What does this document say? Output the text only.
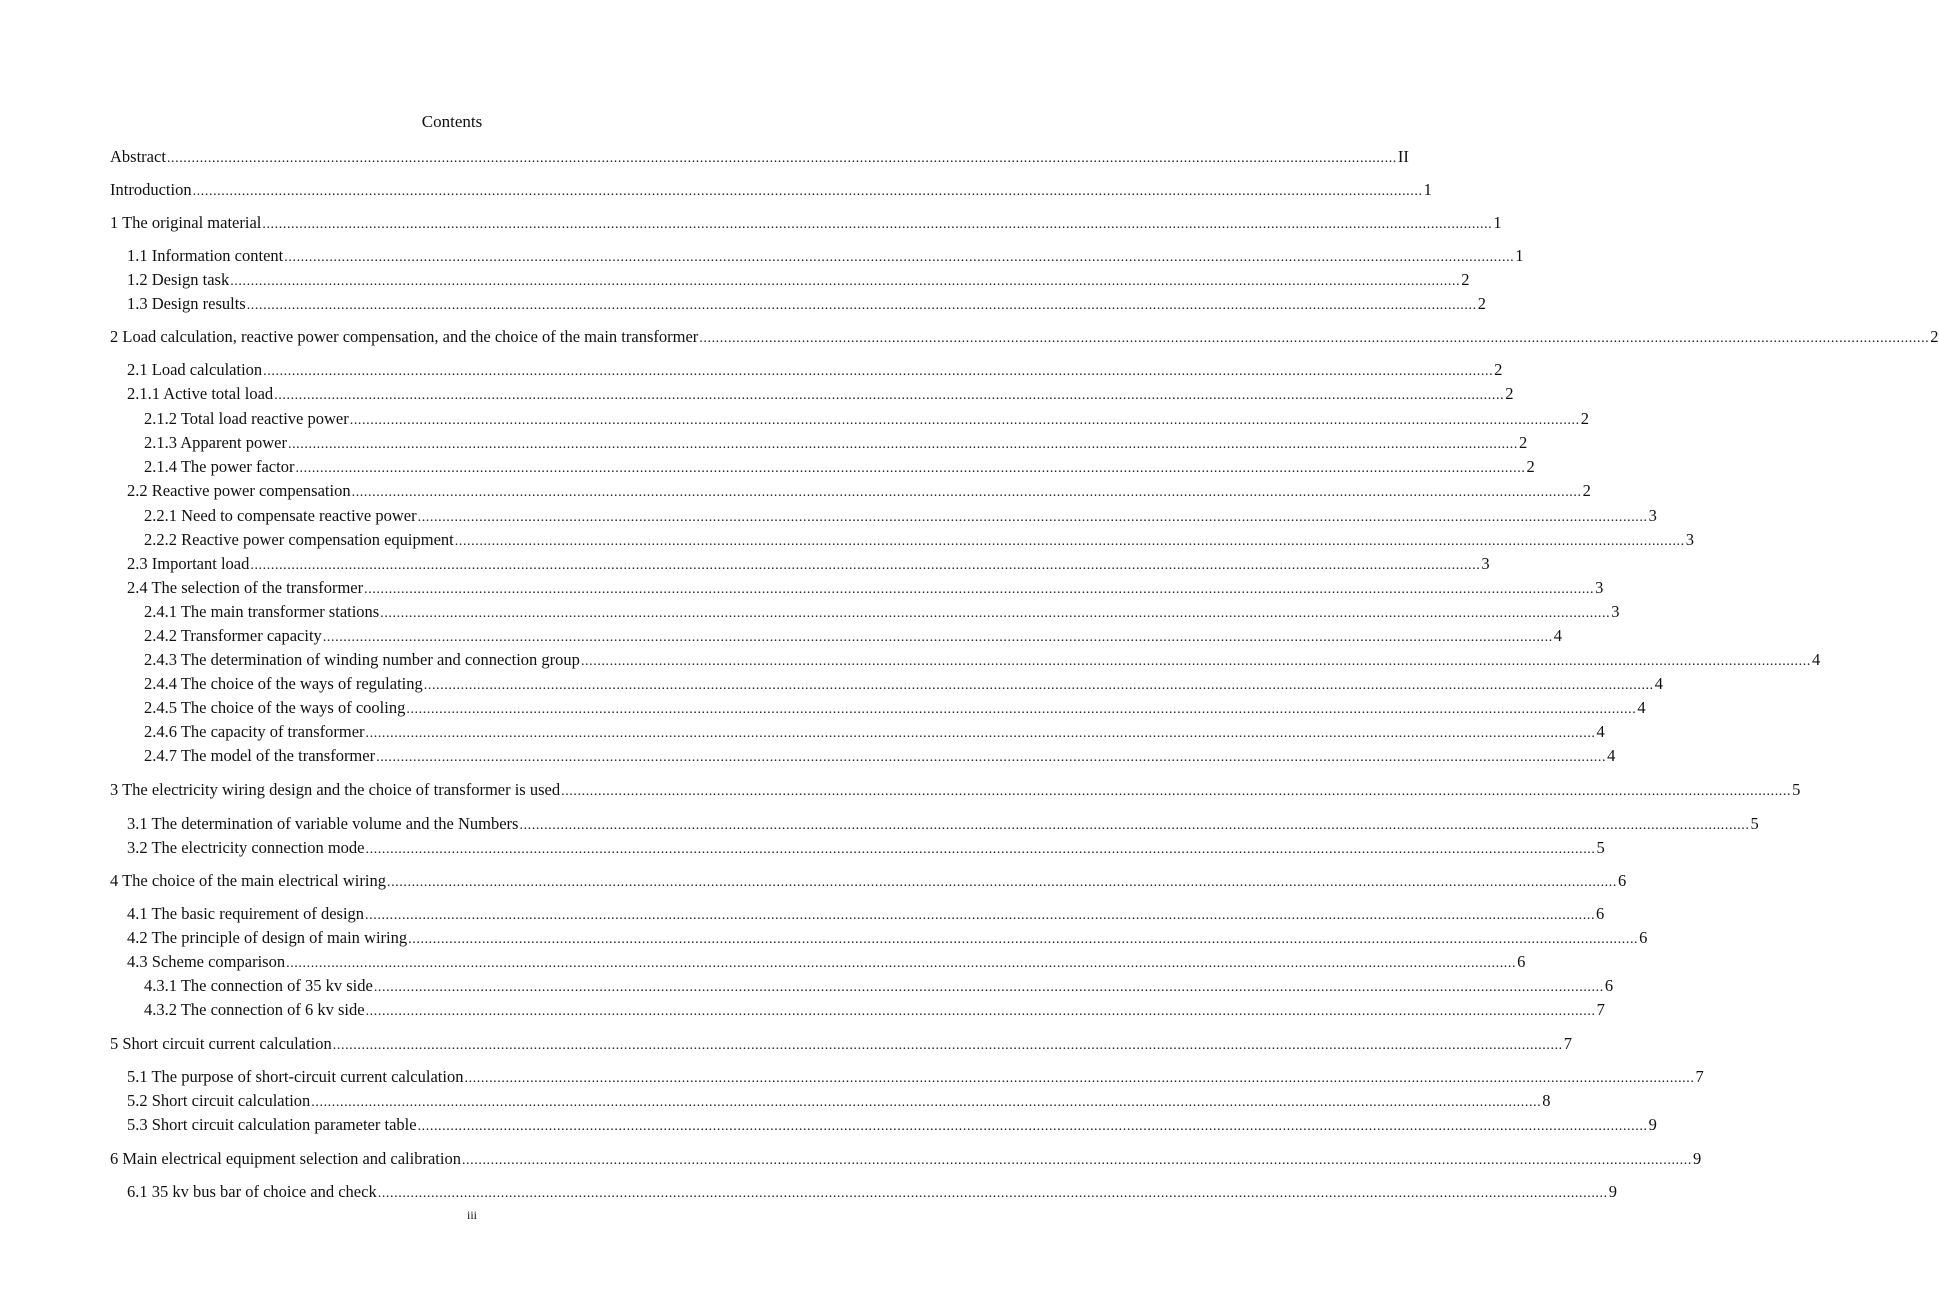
Contents
Abstract ............................................................................................................................................................................................................................................................................................................ II
Introduction ............................................................................................................................................................................................................................................................................................................ 1
1 The original material ............................................................................................................................................................................................................................................................................................................ 1
1.1 Information content ............................................................................................................................................................................................................................................................................................................ 1
1.2 Design task ............................................................................................................................................................................................................................................................................................................ 2
1.3 Design results ............................................................................................................................................................................................................................................................................................................ 2
2 Load calculation, reactive power compensation, and the choice of the main transformer ............................................................................................................................................................................................................................................................................................................ 2
2.1 Load calculation ............................................................................................................................................................................................................................................................................................................ 2
2.1.1 Active total load ............................................................................................................................................................................................................................................................................................................ 2
2.1.2 Total load reactive power ............................................................................................................................................................................................................................................................................................................ 2
2.1.3 Apparent power ............................................................................................................................................................................................................................................................................................................ 2
2.1.4 The power factor ............................................................................................................................................................................................................................................................................................................ 2
2.2 Reactive power compensation ............................................................................................................................................................................................................................................................................................................ 2
2.2.1 Need to compensate reactive power ............................................................................................................................................................................................................................................................................................................ 3
2.2.2 Reactive power compensation equipment ............................................................................................................................................................................................................................................................................................................ 3
2.3 Important load ............................................................................................................................................................................................................................................................................................................ 3
2.4 The selection of the transformer ............................................................................................................................................................................................................................................................................................................ 3
2.4.1 The main transformer stations ............................................................................................................................................................................................................................................................................................................ 3
2.4.2 Transformer capacity ............................................................................................................................................................................................................................................................................................................ 4
2.4.3 The determination of winding number and connection group ............................................................................................................................................................................................................................................................................................................ 4
2.4.4 The choice of the ways of regulating ............................................................................................................................................................................................................................................................................................................ 4
2.4.5 The choice of the ways of cooling ............................................................................................................................................................................................................................................................................................................ 4
2.4.6 The capacity of transformer ............................................................................................................................................................................................................................................................................................................ 4
2.4.7 The model of the transformer ............................................................................................................................................................................................................................................................................................................ 4
3 The electricity wiring design and the choice of transformer is used ............................................................................................................................................................................................................................................................................................................ 5
3.1 The determination of variable volume and the Numbers ............................................................................................................................................................................................................................................................................................................ 5
3.2 The electricity connection mode ............................................................................................................................................................................................................................................................................................................ 5
4 The choice of the main electrical wiring ............................................................................................................................................................................................................................................................................................................ 6
4.1 The basic requirement of design ............................................................................................................................................................................................................................................................................................................ 6
4.2 The principle of design of main wiring ............................................................................................................................................................................................................................................................................................................ 6
4.3 Scheme comparison ............................................................................................................................................................................................................................................................................................................ 6
4.3.1 The connection of 35 kv side ............................................................................................................................................................................................................................................................................................................ 6
4.3.2 The connection of 6 kv side ............................................................................................................................................................................................................................................................................................................ 7
5 Short circuit current calculation ............................................................................................................................................................................................................................................................................................................ 7
5.1 The purpose of short-circuit current calculation ............................................................................................................................................................................................................................................................................................................ 7
5.2 Short circuit calculation ............................................................................................................................................................................................................................................................................................................ 8
5.3 Short circuit calculation parameter table ............................................................................................................................................................................................................................................................................................................ 9
6 Main electrical equipment selection and calibration ............................................................................................................................................................................................................................................................................................................ 9
6.1 35 kv bus bar of choice and check ............................................................................................................................................................................................................................................................................................................ 9
iii
